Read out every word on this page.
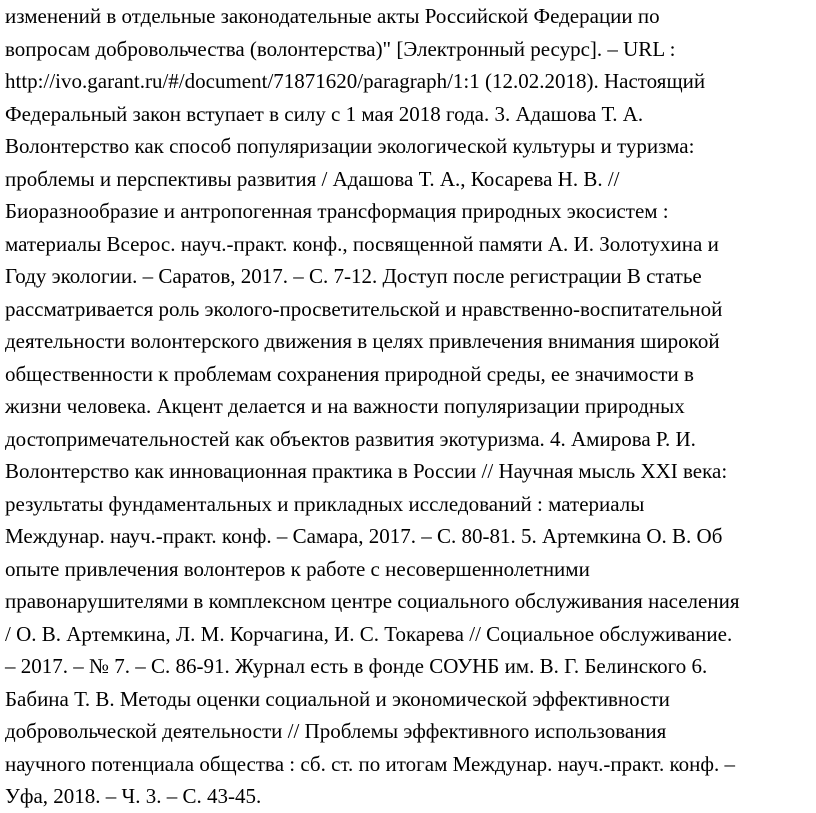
изменений в отдельные законодательные акты Российской Федерации по
вопросам добровольчества (волонтерства)" [Электронный ресурс]. – URL :
http://ivo.garant.ru/#/document/71871620/paragraph/1:1 (12.02.2018). Настоящий
Федеральный закон вступает в силу с 1 мая 2018 года. 3. Адашова Т. А.
Волонтерство как способ популяризации экологической культуры и туризма:
проблемы и перспективы развития / Адашова Т. А., Косарева Н. В. //
Биоразнообразие и антропогенная трансформация природных экосистем :
материалы Всерос. науч.-практ. конф., посвященной памяти А. И. Золотухина и
Году экологии. – Саратов, 2017. – С. 7-12. Доступ после регистрации В статье
рассматривается роль эколого-просветительской и нравственно-воспитательной
деятельности волонтерского движения в целях привлечения внимания широкой
общественности к проблемам сохранения природной среды, ее значимости в
жизни человека. Акцент делается и на важности популяризации природных
достопримечательностей как объектов развития экотуризма. 4. Амирова Р. И.
Волонтерство как инновационная практика в России // Научная мысль XXI века:
результаты фундаментальных и прикладных исследований : материалы
Междунар. науч.-практ. конф. – Самара, 2017. – С. 80-81. 5. Артемкина О. В. Об
опыте привлечения волонтеров к работе с несовершеннолетними
правонарушителями в комплексном центре социального обслуживания населения
/ О. В. Артемкина, Л. М. Корчагина, И. С. Токарева // Социальное обслуживание.
– 2017. – № 7. – С. 86-91. Журнал есть в фонде СОУНБ им. В. Г. Белинского 6.
Бабина Т. В. Методы оценки социальной и экономической эффективности
добровольческой деятельности // Проблемы эффективного использования
научного потенциала общества : сб. ст. по итогам Междунар. науч.-практ. конф. –
Уфа, 2018. – Ч. 3. – С. 43-45.
